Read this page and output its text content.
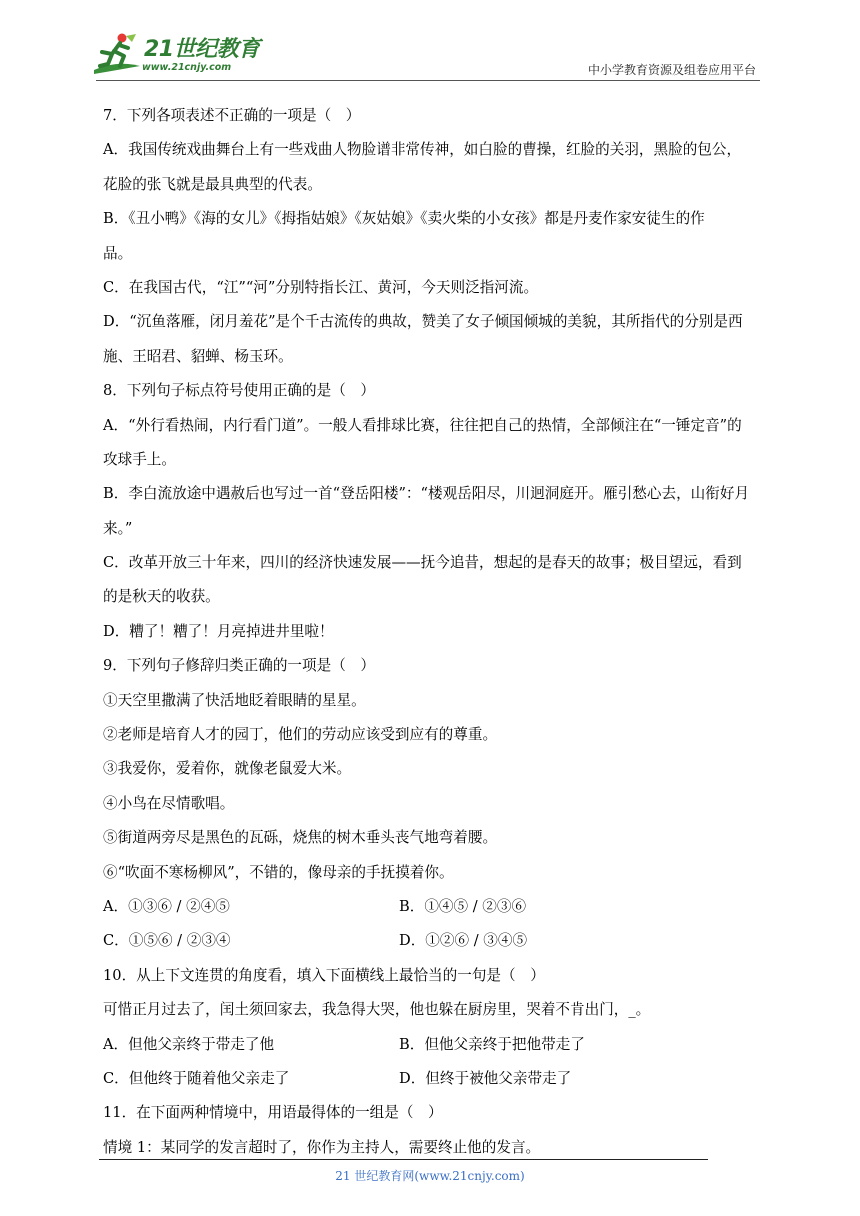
21世纪教育
www.21cnjy.com	中小学教育资源及组卷应用平台
7．下列各项表述不正确的一项是（　）
A．我国传统戏曲舞台上有一些戏曲人物脸谱非常传神，如白脸的曹操，红脸的关羽，黑脸的包公，
花脸的张飞就是最具典型的代表。
B．《丑小鸭》《海的女儿》《拇指姑娘》《灰姑娘》《卖火柴的小女孩》都是丹麦作家安徒生的作
品。
C．在我国古代，“江”“河”分别特指长江、黄河，今天则泛指河流。
D．“沉鱼落雁，闭月羞花”是个千古流传的典故，赞美了女子倾国倾城的美貌，其所指代的分别是西
施、王昭君、貂蝉、杨玉环。
8．下列句子标点符号使用正确的是（　）
A．“外行看热闹，内行看门道”。一般人看排球比赛，往往把自己的热情，全部倾注在“一锤定音”的
攻球手上。
B．李白流放途中遇赦后也写过一首“登岳阳楼”：“楼观岳阳尽，川迥洞庭开。雁引愁心去，山衔好月
来。”
C．改革开放三十年来，四川的经济快速发展——抚今追昔，想起的是春天的故事；极目望远，看到
的是秋天的收获。
D．糟了！糟了！月亮掉进井里啦！
9．下列句子修辞归类正确的一项是（　）
①天空里撒满了快活地眨着眼睛的星星。
②老师是培育人才的园丁，他们的劳动应该受到应有的尊重。
③我爱你，爱着你，就像老鼠爱大米。
④小鸟在尽情歌唱。
⑤街道两旁尽是黑色的瓦砾，烧焦的树木垂头丧气地弯着腰。
⑥“吹面不寒杨柳风”，不错的，像母亲的手抚摸着你。
A．①③⑥ / ②④⑤	B．①④⑤ / ②③⑥
C．①⑤⑥ / ②③④	D．①②⑥ / ③④⑤
10．从上下文连贯的角度看，填入下面横线上最恰当的一句是（　）
可惜正月过去了，闰土须回家去，我急得大哭，他也躲在厨房里，哭着不肯出门，_。
A．但他父亲终于带走了他	B．但他父亲终于把他带走了
C．但他终于随着他父亲走了	D．但终于被他父亲带走了
11．在下面两种情境中，用语最得体的一组是（　）
情境 1：某同学的发言超时了，你作为主持人，需要终止他的发言。
21 世纪教育网(www.21cnjy.com)
